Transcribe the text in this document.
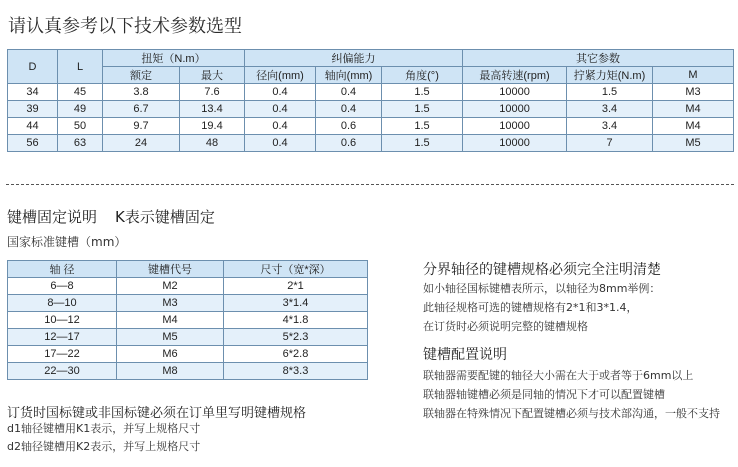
请认真参考以下技术参数选型
D	L	扭矩（N.m）		纠偏能力			其它参数		
		额定	最大	径向(mm)	轴向(mm)	角度(°)	最高转速(rpm)	拧紧力矩(N.m)	M
34	45	3.8	7.6	0.4	0.4	1.5	10000	1.5	M3
39	49	6.7	13.4	0.4	0.4	1.5	10000	3.4	M4
44	50	9.7	19.4	0.4	0.6	1.5	10000	3.4	M4
56	63	24	48	0.4	0.6	1.5	10000	7	M5
键槽固定说明 K表示键槽固定
国家标准键槽（mm）
轴 径	键槽代号	尺寸（宽*深）
6—8	M2	2*1
8—10	M3	3*1.4
10—12	M4	4*1.8
12—17	M5	5*2.3
17—22	M6	6*2.8
22—30	M8	8*3.3
订货时国标键或非国标键必须在订单里写明键槽规格
d1轴径键槽用K1表示，并写上规格尺寸
d2轴径键槽用K2表示，并写上规格尺寸
分界轴径的键槽规格必须完全注明清楚
如小轴径国标键槽表所示，以轴径为8mm举例：
此轴径规格可选的键槽规格有2*1和3*1.4，
在订货时必须说明完整的键槽规格
键槽配置说明
联轴器需要配键的轴径大小需在大于或者等于6mm以上
联轴器轴键槽必须是同轴的情况下才可以配置键槽
联轴器在特殊情况下配置键槽必须与技术部沟通，一般不支持
